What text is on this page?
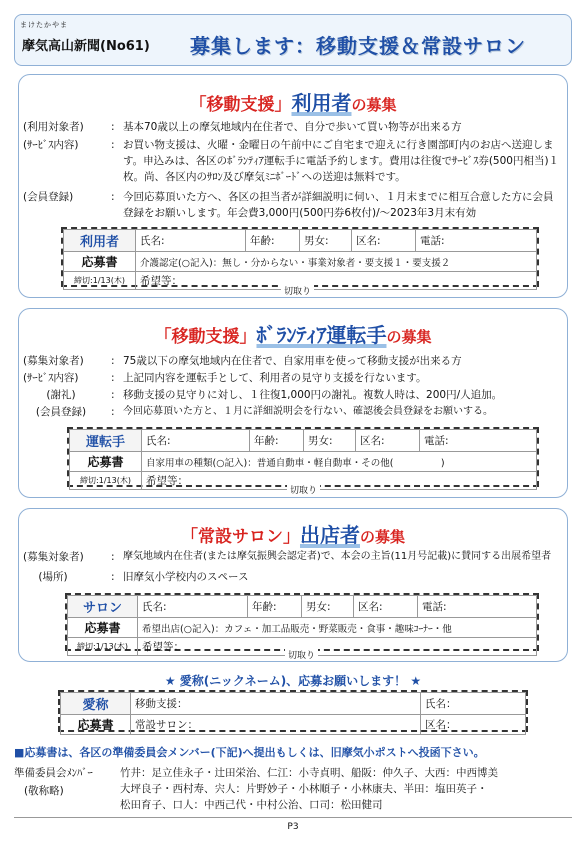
まけたかやま
摩気高山新聞(No61) 募集します：移動支援＆常設サロン
「移動支援」利用者の募集
(利用対象者)	: 基本70歳以上の摩気地域内在住者で、自分で歩いて買い物等が出来る方
(ｻｰﾋﾞｽ内容)	: お買い物支援は、火曜・金曜日の午前中にご自宅まで迎えに行き園部町内のお店へ送迎します。申込みは、各区のﾎﾞﾗﾝﾃｨｱ運転手に電話予約します。費用は往復でｻｰﾋﾞｽ券(500円相当)１枚。尚、各区内のｻﾛﾝ及び摩気ﾐﾆﾎﾞｰﾄﾞへの送迎は無料です。
(会員登録)	: 今回応募頂いた方へ、各区の担当者が詳細説明に伺い、１月末までに相互合意した方に会員登録をお願いします。年会費3,000円(500円券6枚付)/～2023年3月末有効
利用者	氏名:	年齢:	男女:	区名:	電話:
応募書	介護認定(○記入)：無し・分からない・事業対象者・要支援１・要支援２				
締切:1/13(木)	希望等：				
切取り
「移動支援」ﾎﾞﾗﾝﾃｨｱ運転手の募集
(募集対象者)	: 75歳以下の摩気地域内在住者で、自家用車を使って移動支援が出来る方
(ｻｰﾋﾞｽ内容)	: 上記同内容を運転手として、利用者の見守り支援を行ないます。
(謝礼)	: 移動支援の見守りに対し、１往復1,000円の謝礼。複数人時は、200円/人追加。
(会員登録)	: 今回応募頂いた方と、１月に詳細説明会を行ない、確認後会員登録をお願いする。
運転手	氏名:	年齢:	男女:	区名:	電話:
応募書	自家用車の種類(○記入)：普通自動車・軽自動車・その他(　　　　　)				
締切:1/13(木)	希望等：				
切取り
「常設サロン」出店者の募集
(募集対象者)	: 摩気地域内在住者(または摩気振興会認定者)で、本会の主旨(11月号記載)に賛同する出展希望者
(場所)	: 旧摩気小学校内のスペース
サロン	氏名:	年齢:	男女:	区名:	電話:
応募書	希望出店(○記入)：カフェ・加工品販売・野菜販売・食事・趣味ｺｰﾅｰ・他				
締切:1/13(木)	希望等：				
切取り
★ 愛称(ニックネーム)、応募お願いします！ ★
愛称	移動支援：	氏名：
応募書	常設サロン：	区名：
■応募書は、各区の準備委員会メンバー(下記)へ提出もしくは、旧摩気小ポストへ投函下さい。
準備委員会ﾒﾝﾊﾞｰ
(敬称略)
竹井：足立佳永子・辻田栄治、仁江：小寺貞明、船阪：仲久子、大西：中西博美
大坪良子・西村寿、宍人：片野妙子・小林順子・小林康夫、半田：塩田英子・
松田育子、口人：中西己代・中村公治、口司：松田健司
P3
